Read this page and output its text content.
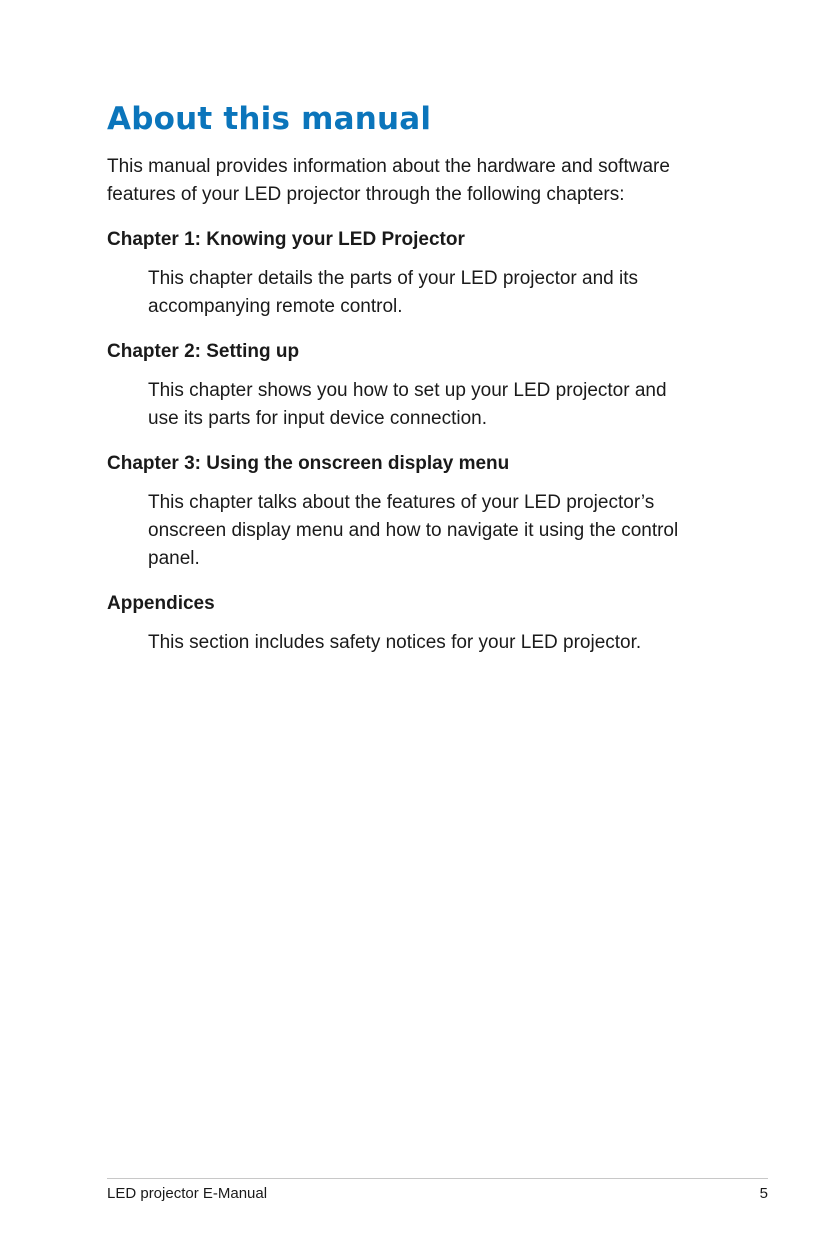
About this manual

This manual provides information about the hardware and software
features of your LED projector through the following chapters:

Chapter 1: Knowing your LED Projector

This chapter details the parts of your LED projector and its
accompanying remote control.

Chapter 2: Setting up

This chapter shows you how to set up your LED projector and
use its parts for input device connection.

Chapter 3: Using the onscreen display menu

This chapter talks about the features of your LED projector’s
onscreen display menu and how to navigate it using the control
panel.

Appendices

This section includes safety notices for your LED projector.

LED projector E-Manual	5
